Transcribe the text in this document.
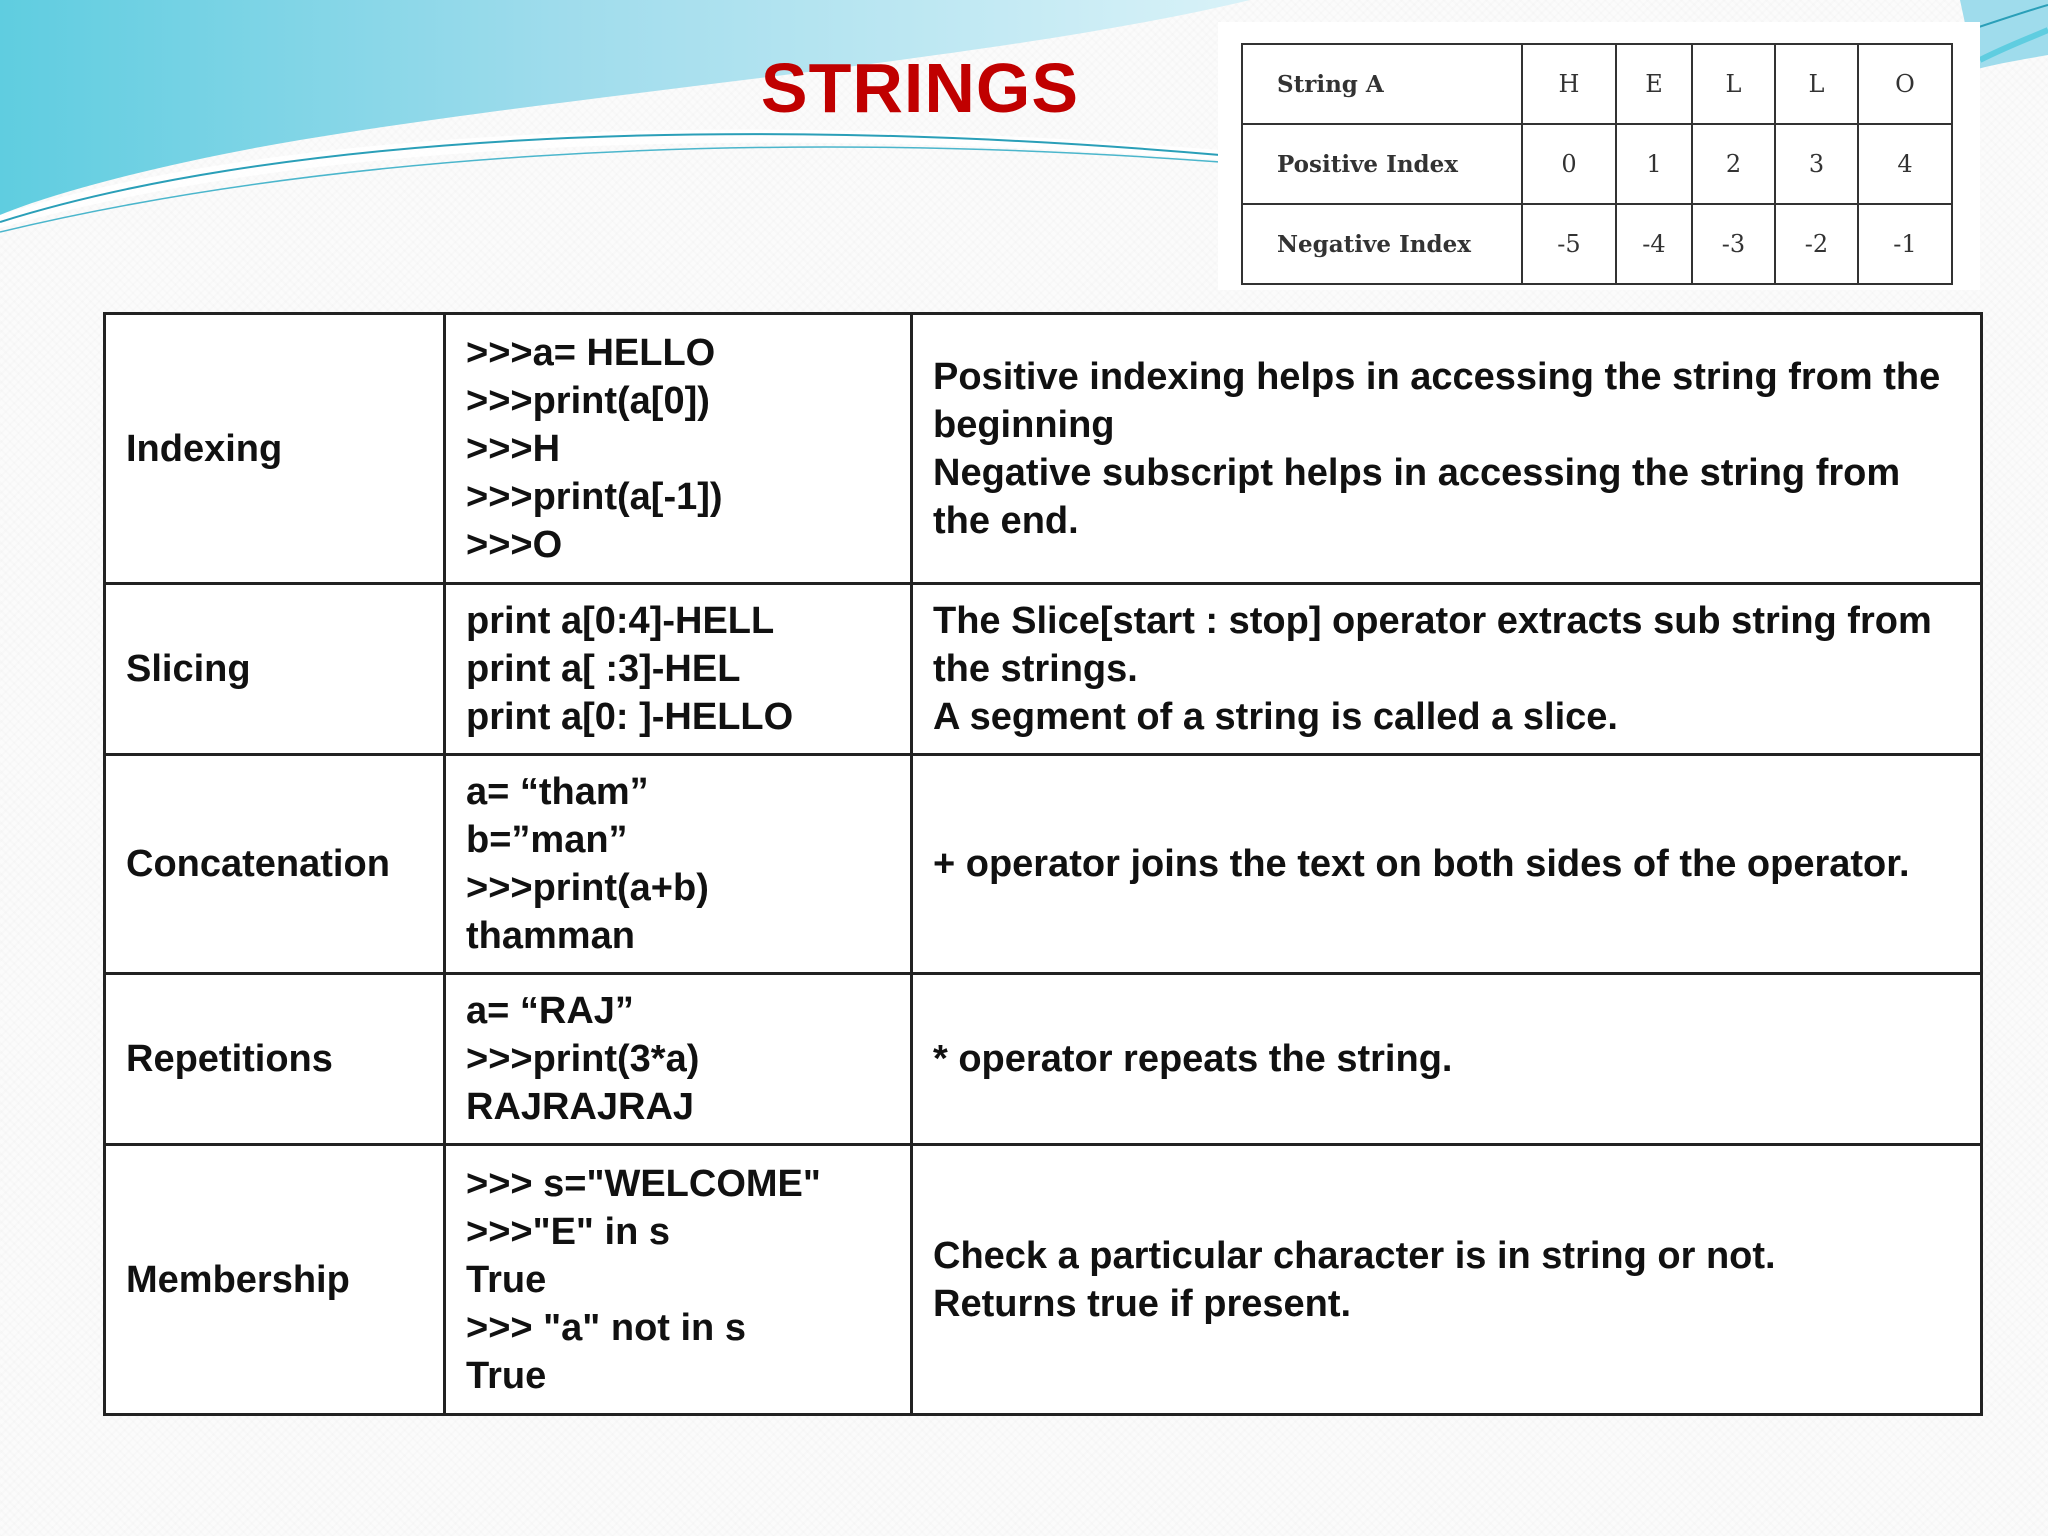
STRINGS	String A	H	E	L	L	O
Positive Index	0	1	2	3	4
Negative Index	-5	-4	-3	-2	-1
Indexing	>>>a= HELLO
>>>print(a[0])
>>>H
>>>print(a[-1])
>>>O	Positive indexing helps in accessing the string from the beginning
Negative subscript helps in accessing the string from the end.

Slicing	print a[0:4]-HELL
print a[ :3]-HEL
print a[0: ]-HELLO	The Slice[start : stop] operator extracts sub string from the strings.
A segment of a string is called a slice.

Concatenation	a= “tham”
b=”man”
>>>print(a+b)
thamman	+ operator joins the text on both sides of the operator.

Repetitions	a= “RAJ”
>>>print(3*a)
RAJRAJRAJ	* operator repeats the string.

Membership	>>> s="WELCOME"
>>>"E" in s
True
>>> "a" not in s
True	Check a particular character is in string or not.
Returns true if present.
